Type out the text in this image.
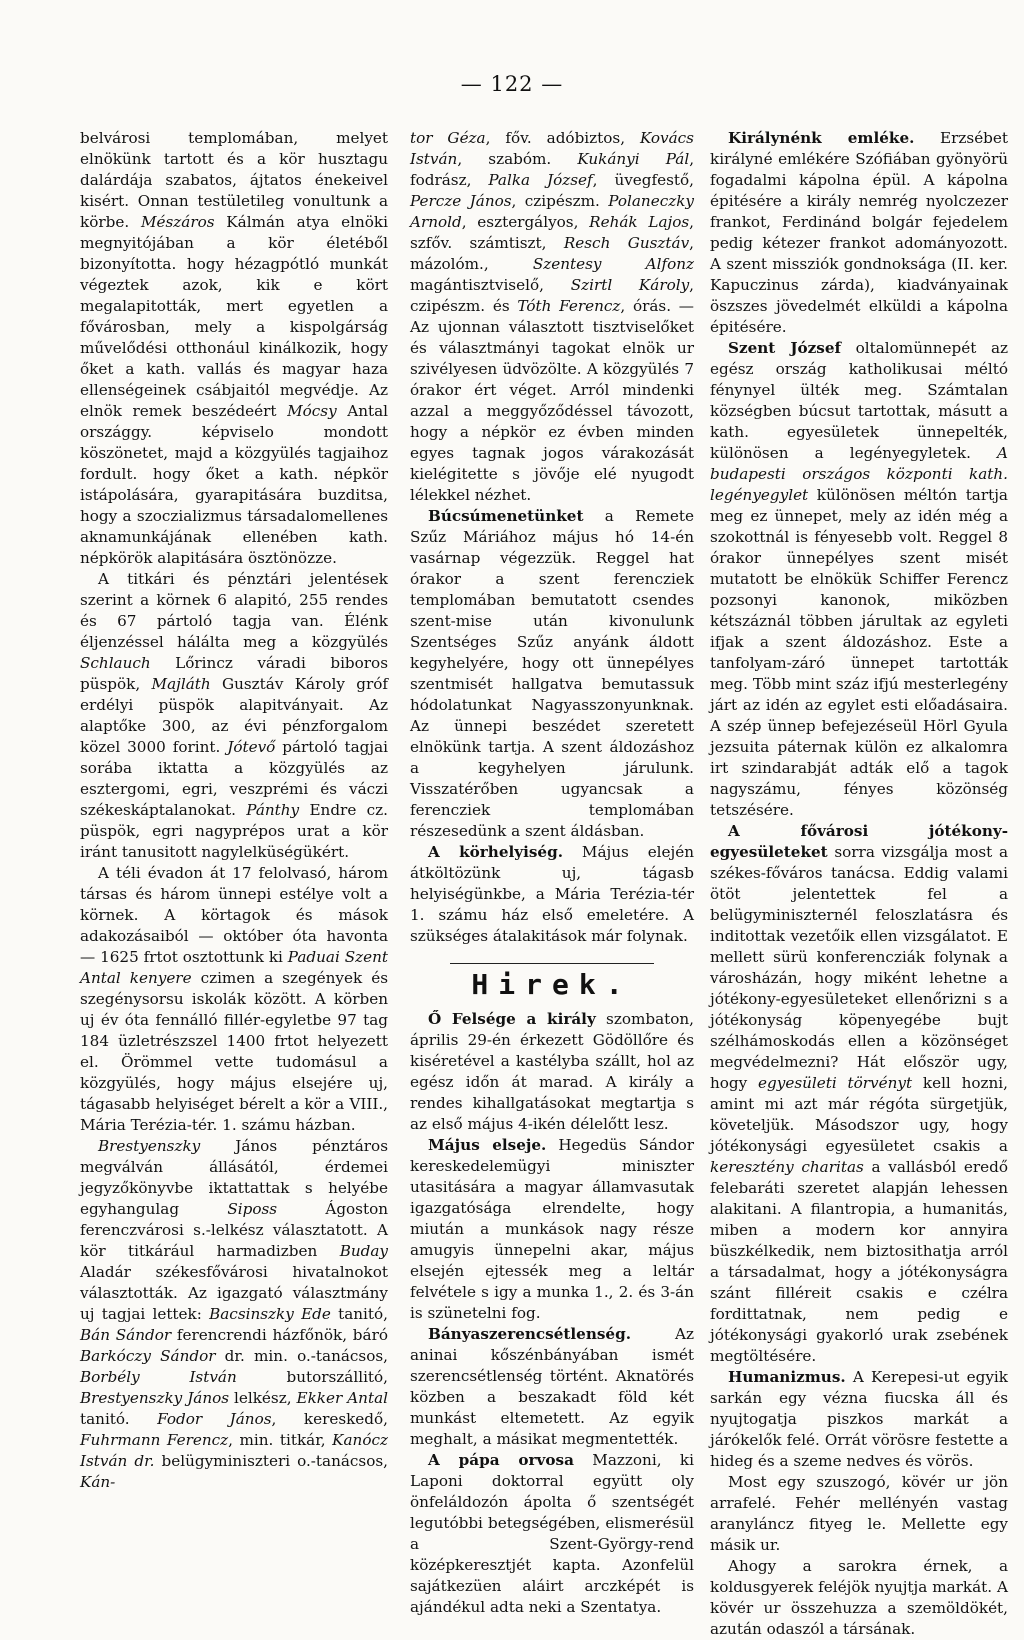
— 122 —

belvárosi templomában, melyet elnökünk tartott és a kör husztagu dalárdája szabatos, ájtatos énekeivel kisért. Onnan testületileg vonultunk a körbe. Mészáros Kálmán atya elnöki megnyitójában a kör életéből bizonyította. hogy hézagpótló munkát végeztek azok, kik e kört megalapitották, mert egyetlen a fővárosban, mely a kispolgárság művelődési otthonául kinálkozik, hogy őket a kath. vallás és magyar haza ellenségeinek csábjaitól megvédje. Az elnök remek beszédeért Mócsy Antal országgy. képviselo mondott köszönetet, majd a közgyülés tagjaihoz fordult. hogy őket a kath. népkör istápolására, gyarapitására buzditsa, hogy a szoczializmus társadalomellenes aknamunkájának ellenében kath. népkörök alapitására ösztönözze.

A titkári és pénztári jelentések szerint a körnek 6 alapitó, 255 rendes és 67 pártoló tagja van. Élénk éljenzéssel hálálta meg a közgyülés Schlauch Lőrincz váradi biboros püspök, Majláth Gusztáv Károly gróf erdélyi püspök alapitványait. Az alaptőke 300, az évi pénzforgalom közel 3000 forint. Jótevő pártoló tagjai sorába iktatta a közgyülés az esztergomi, egri, veszprémi és váczi székeskáptalanokat. Pánthy Endre cz. püspök, egri nagyprépos urat a kör iránt tanusitott nagylelküségükért.

A téli évadon át 17 felolvasó, három társas és három ünnepi estélye volt a körnek. A körtagok és mások adakozásaiból — október óta havonta — 1625 frtot osztottunk ki Paduai Szent Antal kenyere czimen a szegények és szegénysorsu iskolák között. A körben uj év óta fennálló fillér-egyletbe 97 tag 184 üzletrészszel 1400 frtot helyezett el. Örömmel vette tudomásul a közgyülés, hogy május elsejére uj, tágasabb helyiséget bérelt a kör a VIII., Mária Terézia-tér. 1. számu házban.

Brestyenszky János pénztáros megválván állásától, érdemei jegyzőkönyvbe iktattattak s helyébe egyhangulag Siposs Ágoston ferenczvárosi s.-lelkész választatott. A kör titkárául harmadizben Buday Aladár székesfővárosi hivatalnokot választották. Az igazgató választmány uj tagjai lettek: Bacsinszky Ede tanitó, Bán Sándor ferencrendi házfőnök, báró Barkóczy Sándor dr. min. o.-tanácsos, Borbély István butorszállitó, Brestyenszky János lelkész, Ekker Antal tanitó. Fodor János, kereskedő, Fuhrmann Ferencz, min. titkár, Kanócz István dr. belügyminiszteri o.-tanácsos, Kán-

tor Géza, főv. adóbiztos, Kovács István, szabóm. Kukányi Pál, fodrász, Palka József, üvegfestő, Percze János, czipészm. Polaneczky Arnold, esztergályos, Rehák Lajos, szfőv. számtiszt, Resch Gusztáv, mázolóm., Szentesy Alfonz magántisztviselő, Szirtl Károly, czipészm. és Tóth Ferencz, órás. — Az ujonnan választott tisztviselőket és választmányi tagokat elnök ur szivélyesen üdvözölte. A közgyülés 7 órakor ért véget. Arról mindenki azzal a meggyőződéssel távozott, hogy a népkör ez évben minden egyes tagnak jogos várakozását kielégitette s jövője elé nyugodt lélekkel nézhet.

Búcsúmenetünket a Remete Szűz Máriához május hó 14-én vasárnap végezzük. Reggel hat órakor a szent ferencziek templomában bemutatott csendes szent-mise után kivonulunk Szentséges Szűz anyánk áldott kegyhelyére, hogy ott ünnepélyes szentmisét hallgatva bemutassuk hódolatunkat Nagyasszonyunknak. Az ünnepi beszédet szeretett elnökünk tartja. A szent áldozáshoz a kegyhelyen járulunk. Visszatérőben ugyancsak a ferencziek templomában részesedünk a szent áldásban.

A körhelyiség. Május elején átköltözünk uj, tágasb helyiségünkbe, a Mária Terézia-tér 1. számu ház első emeletére. A szükséges átalakitások már folynak.

Hirek.

Ő Felsége a király szombaton, április 29-én érkezett Gödöllőre és kiséretével a kastélyba szállt, hol az egész időn át marad. A király a rendes kihallgatásokat megtartja s az első május 4-ikén délelőtt lesz.

Május elseje. Hegedüs Sándor kereskedelemügyi miniszter utasitására a magyar államvasutak igazgatósága elrendelte, hogy miután a munkások nagy része amugyis ünnepelni akar, május elsején ejtessék meg a leltár felvétele s igy a munka 1., 2. és 3-án is szünetelni fog.

Bányaszerencsétlenség. Az aninai kőszénbányában ismét szerencsétlenség történt. Aknatörés közben a beszakadt föld két munkást eltemetett. Az egyik meghalt, a másikat megmentették.

A pápa orvosa Mazzoni, ki Laponi doktorral együtt oly önfeláldozón ápolta ő szentségét legutóbbi betegségében, elismerésül a Szent-György-rend középkeresztjét kapta. Azonfelül sajátkezüen aláirt arczképét is ajándékul adta neki a Szentatya.

Királynénk emléke. Erzsébet királyné emlékére Szófiában gyönyörü fogadalmi kápolna épül. A kápolna épitésére a király nemrég nyolczezer frankot, Ferdinánd bolgár fejedelem pedig kétezer frankot adományozott. A szent missziók gondnoksága (II. ker. Kapuczinus zárda), kiadványainak öszszes jövedelmét elküldi a kápolna épitésére.

Szent József oltalomünnepét az egész ország katholikusai méltó fénynyel ülték meg. Számtalan községben búcsut tartottak, másutt a kath. egyesületek ünnepelték, különösen a legényegyletek. A budapesti országos központi kath. legényegylet különösen méltón tartja meg ez ünnepet, mely az idén még a szokottnál is fényesebb volt. Reggel 8 órakor ünnepélyes szent misét mutatott be elnökük Schiffer Ferencz pozsonyi kanonok, miközben kétszáznál többen járultak az egyleti ifjak a szent áldozáshoz. Este a tanfolyam-záró ünnepet tartották meg. Több mint száz ifjú mesterlegény járt az idén az egylet esti előadásaira. A szép ünnep befejezéseül Hörl Gyula jezsuita páternak külön ez alkalomra irt szindarabját adták elő a tagok nagyszámu, fényes közönség tetszésére.

A fővárosi jótékony-egyesületeket sorra vizsgálja most a székes-főváros tanácsa. Eddig valami ötöt jelentettek fel a belügyminiszternél feloszlatásra és inditottak vezetőik ellen vizsgálatot. E mellett sürü konferencziák folynak a városházán, hogy miként lehetne a jótékony-egyesületeket ellenőrizni s a jótékonyság köpenyegébe bujt szélhámoskodás ellen a közönséget megvédelmezni? Hát először ugy, hogy egyesületi törvényt kell hozni, amint mi azt már régóta sürgetjük, követeljük. Másodszor ugy, hogy jótékonysági egyesületet csakis a keresztény charitas a vallásból eredő felebaráti szeretet alapján lehessen alakitani. A filantropia, a humanitás, miben a modern kor annyira büszkélkedik, nem biztosithatja arról a társadalmat, hogy a jótékonyságra szánt filléreit csakis e czélra fordittatnak, nem pedig e jótékonysági gyakorló urak zsebének megtöltésére.

Humanizmus. A Kerepesi-ut egyik sarkán egy vézna fiucska áll és nyujtogatja piszkos markát a járókelők felé. Orrát vörösre festette a hideg és a szeme nedves és vörös.

Most egy szuszogó, kövér ur jön arrafelé. Fehér mellényén vastag aranyláncz fityeg le. Mellette egy másik ur.

Ahogy a sarokra érnek, a koldusgyerek feléjök nyujtja markát. A kövér ur összehuzza a szemöldökét, azután odaszól a társának.
